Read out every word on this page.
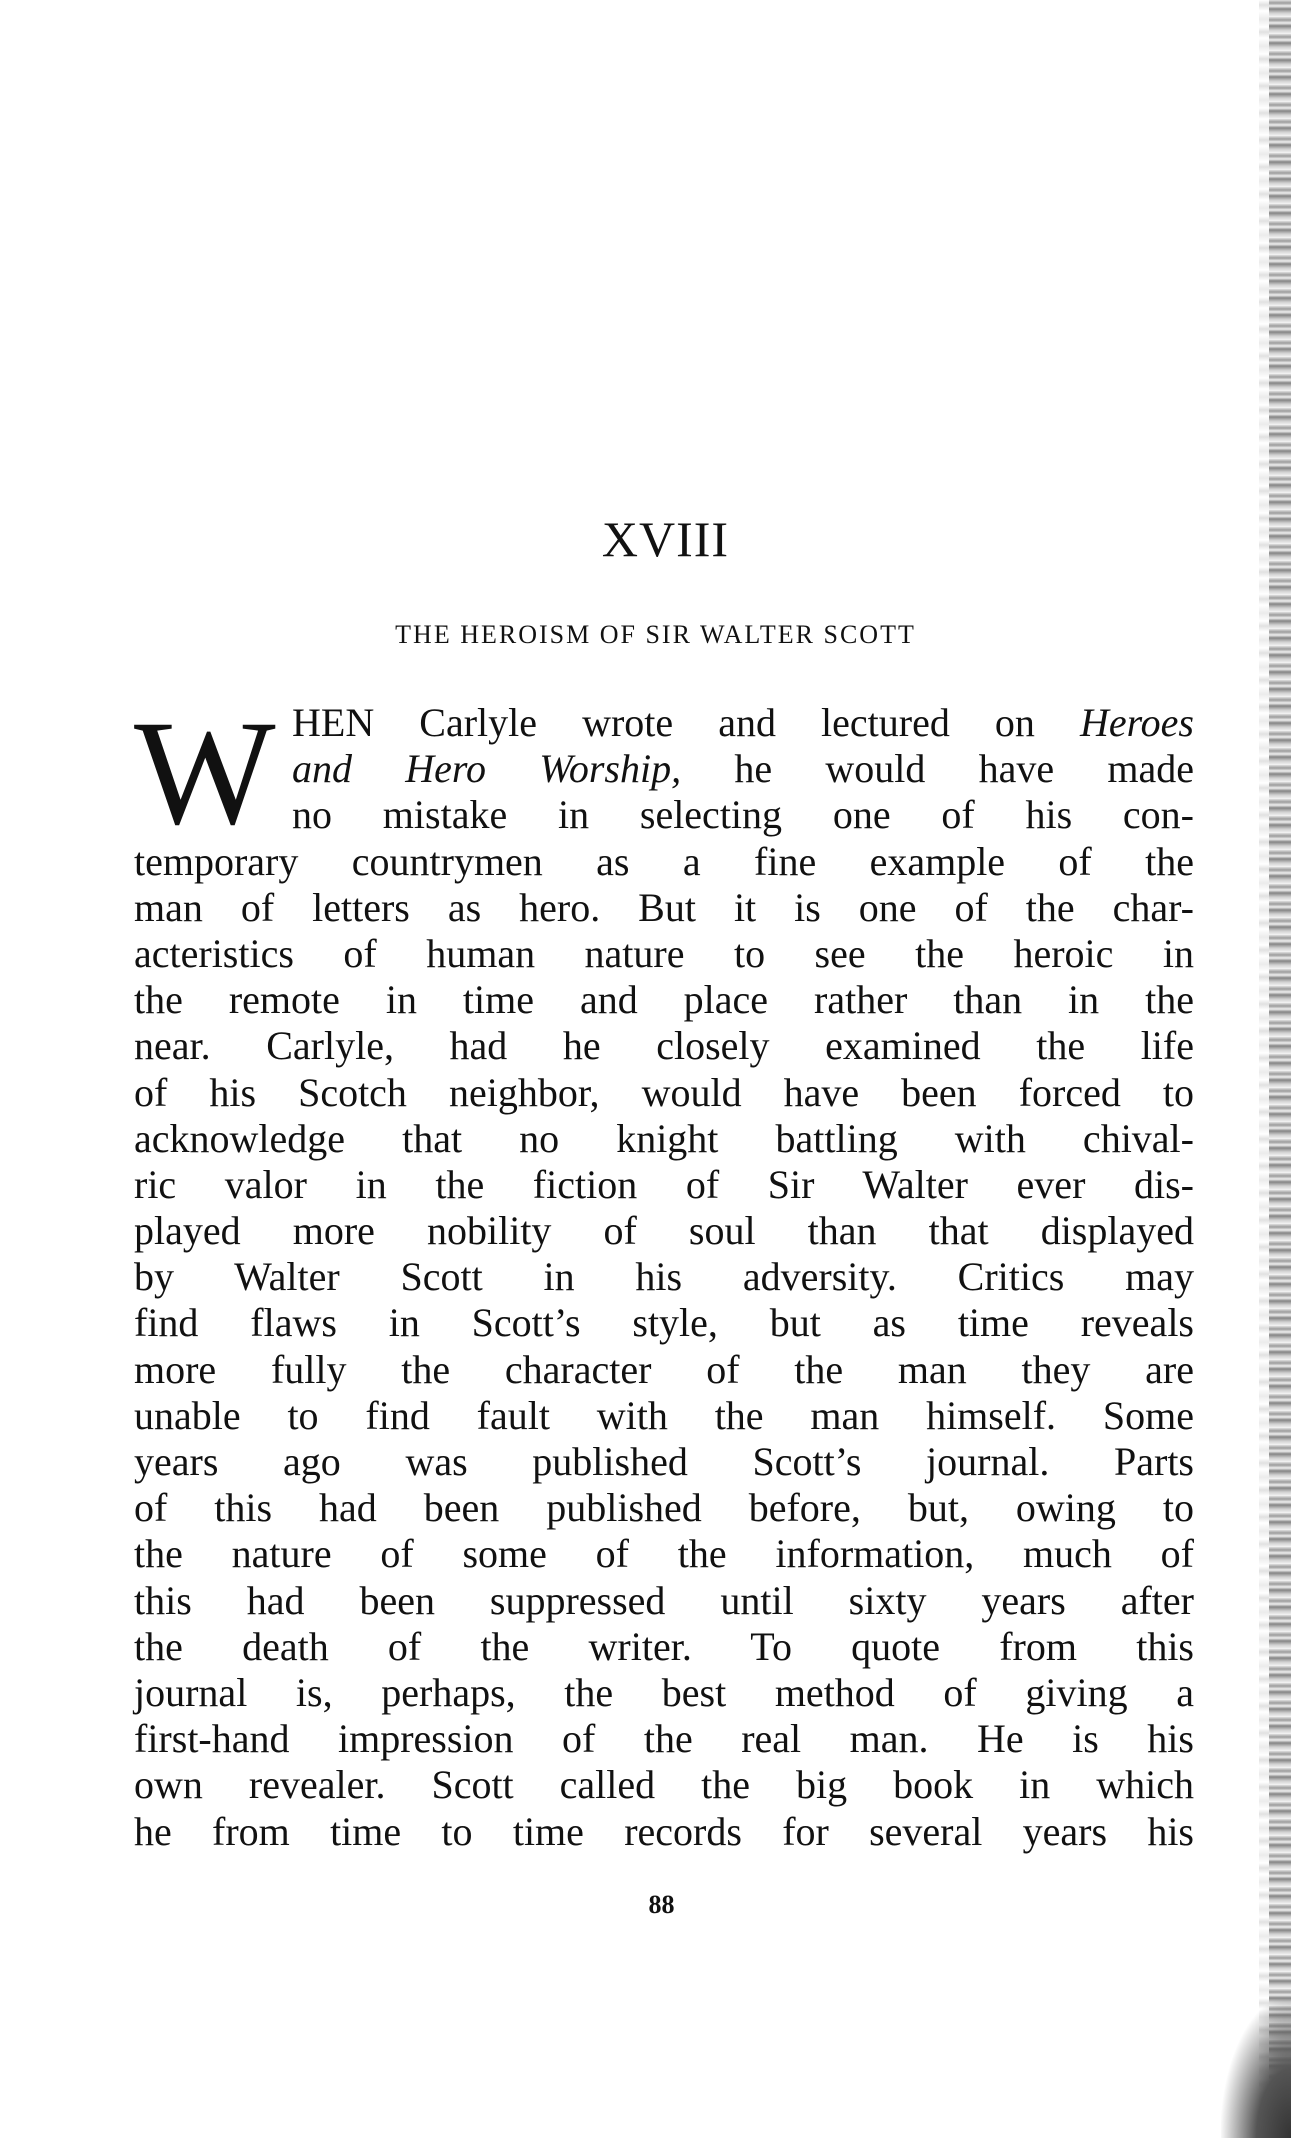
XVIII
THE HEROISM OF SIR WALTER SCOTT
W HEN Carlyle wrote and lectured on Heroes
and Hero Worship, he would have made
no mistake in selecting one of his con-
temporary countrymen as a fine example of the
man of letters as hero. But it is one of the char-
acteristics of human nature to see the heroic in
the remote in time and place rather than in the
near. Carlyle, had he closely examined the life
of his Scotch neighbor, would have been forced to
acknowledge that no knight battling with chival-
ric valor in the fiction of Sir Walter ever dis-
played more nobility of soul than that displayed
by Walter Scott in his adversity. Critics may
find flaws in Scott’s style, but as time reveals
more fully the character of the man they are
unable to find fault with the man himself. Some
years ago was published Scott’s journal. Parts
of this had been published before, but, owing to
the nature of some of the information, much of
this had been suppressed until sixty years after
the death of the writer. To quote from this
journal is, perhaps, the best method of giving a
first-hand impression of the real man. He is his
own revealer. Scott called the big book in which
he from time to time records for several years his
88
